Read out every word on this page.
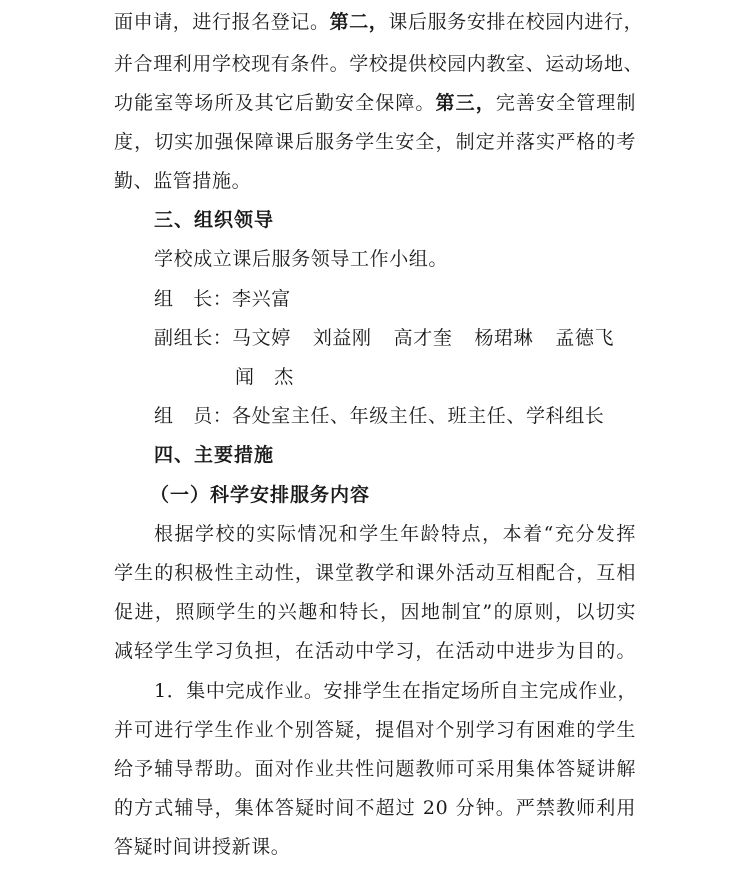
面申请，进行报名登记。第二，课后服务安排在校园内进行，
并合理利用学校现有条件。学校提供校园内教室、运动场地、
功能室等场所及其它后勤安全保障。第三，完善安全管理制
度，切实加强保障课后服务学生安全，制定并落实严格的考
勤、监管措施。
三、组织领导
学校成立课后服务领导工作小组。
组　长：李兴富
副组长：马文婷 刘益刚 高才奎 杨珺琳 孟德飞
闻　杰
组　员：各处室主任、年级主任、班主任、学科组长
四、主要措施
（一）科学安排服务内容
根据学校的实际情况和学生年龄特点，本着“充分发挥
学生的积极性主动性，课堂教学和课外活动互相配合，互相
促进，照顾学生的兴趣和特长，因地制宜”的原则，以切实
减轻学生学习负担，在活动中学习，在活动中进步为目的。
1．集中完成作业。安排学生在指定场所自主完成作业，
并可进行学生作业个别答疑，提倡对个别学习有困难的学生
给予辅导帮助。面对作业共性问题教师可采用集体答疑讲解
的方式辅导，集体答疑时间不超过 20 分钟。严禁教师利用
答疑时间讲授新课。
